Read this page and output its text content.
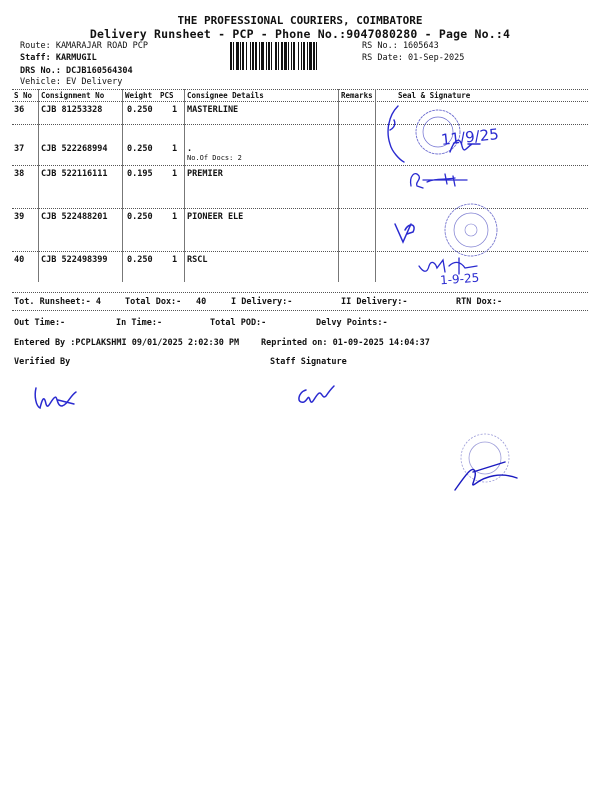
THE PROFESSIONAL COURIERS, COIMBATORE
Delivery Runsheet - PCP - Phone No.:9047080280 - Page No.:4
Route: KAMARAJAR ROAD PCP
Staff: KARMUGIL
DRS No.: DCJB160564304
Vehicle: EV Delivery
RS No.: 1605643
RS Date: 01-Sep-2025
S No Consignment No	Weight PCS Consignee Details	Remarks	Seal & Signature
36 CJB 81253328	0.250 1 MASTERLINE
37 CJB 522268994 0.250 1 .
No.Of Docs: 2
38 CJB 522116111 0.195 1 PREMIER
39 CJB 522488201 0.250 1 PIONEER ELE
40 CJB 522498399 0.250 1 RSCL
Tot. Runsheet:- 4	Total Dox:- 40	I Delivery:-	II Delivery:-	RTN Dox:-
Out Time:-	In Time:-	Total POD:-	Delvy Points:-
Entered By :PCPLAKSHMI 09/01/2025 2:02:30 PM	Reprinted on: 01-09-2025 14:04:37
Verified By	Staff Signature
11/9/25
1-9-25
